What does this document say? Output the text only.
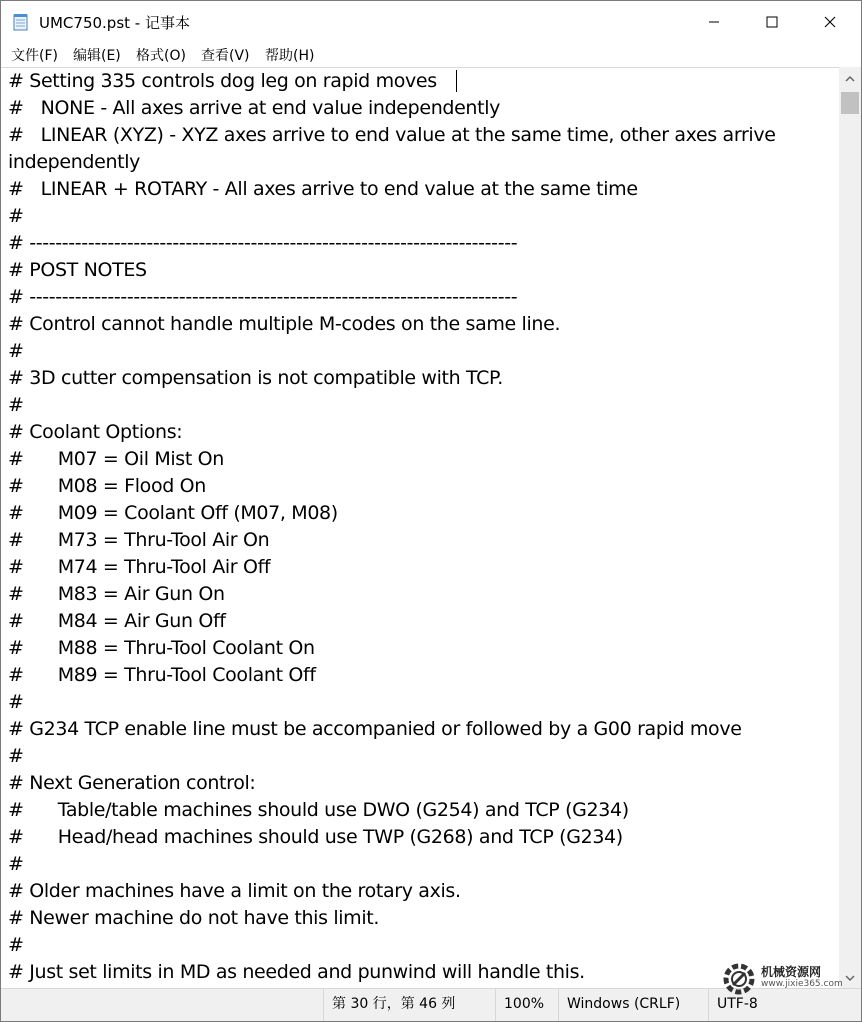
UMC750.pst - 记事本
文件(F) 编辑(E) 格式(O) 查看(V) 帮助(H)
# Setting 335 controls dog leg on rapid moves
#   NONE - All axes arrive at end value independently
#   LINEAR (XYZ) - XYZ axes arrive to end value at the same time, other axes arrive
independently
#   LINEAR + ROTARY - All axes arrive to end value at the same time
#
# ---------------------------------------------------------------------------
# POST NOTES
# ---------------------------------------------------------------------------
# Control cannot handle multiple M-codes on the same line.
#
# 3D cutter compensation is not compatible with TCP.
#
# Coolant Options:
#      M07 = Oil Mist On
#      M08 = Flood On
#      M09 = Coolant Off (M07, M08)
#      M73 = Thru-Tool Air On
#      M74 = Thru-Tool Air Off
#      M83 = Air Gun On
#      M84 = Air Gun Off
#      M88 = Thru-Tool Coolant On
#      M89 = Thru-Tool Coolant Off
#
# G234 TCP enable line must be accompanied or followed by a G00 rapid move
#
# Next Generation control:
#      Table/table machines should use DWO (G254) and TCP (G234)
#      Head/head machines should use TWP (G268) and TCP (G234)
#
# Older machines have a limit on the rotary axis.
# Newer machine do not have this limit.
#
# Just set limits in MD as needed and punwind will handle this.
第 30 行，第 46 列	100%	Windows (CRLF)	UTF-8
机械资源网
www.jixie365.com
